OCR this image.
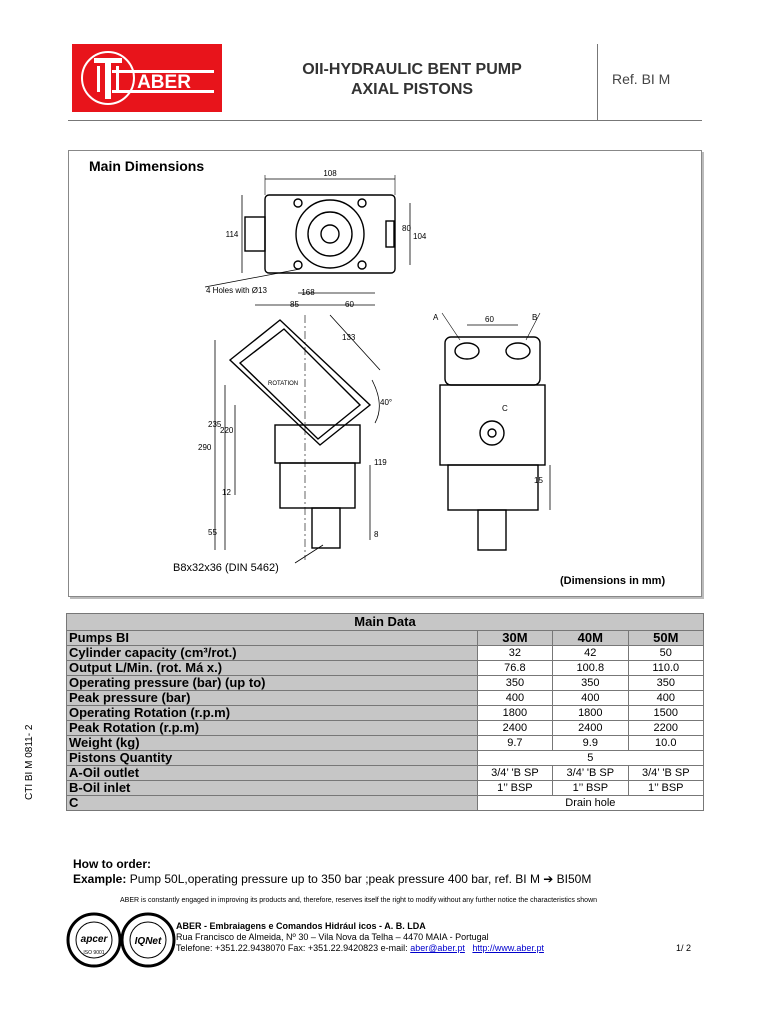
ABER
OII-HYDRAULIC BENT PUMP
AXIAL PISTONS
Ref. BI M
Main Dimensions	108
114
80
104
4 Holes with Ø13	168
85	60
133
40°
ROTATION
290
235
220
12
55
119
8
60
A	B
C
15
B8x32x36 (DIN 5462)
(Dimensions in mm)
Main Data			
Pumps BI	30M	40M	50M
Cylinder capacity (cm³/rot.)	32	42	50
Output L/Min. (rot. Má x.)	76.8	100.8	110.0
Operating pressure (bar) (up to)	350	350	350
Peak pressure (bar)	400	400	400
Operating Rotation (r.p.m)	1800	1800	1500
Peak Rotation (r.p.m)	2400	2400	2200
Weight (kg)	9.7	9.9	10.0
Pistons Quantity	5		
A-Oil outlet	3/4’ 'B SP	3/4’ 'B SP	3/4’ 'B SP
B-Oil inlet	1’’ BSP	1’’ BSP	1’’ BSP
C	Drain hole		
CTI BI M 0811- 2
How to order:
Example: Pump 50L,operating pressure up to 350 bar ;peak pressure 400 bar, ref. BI M ➔ BI50M
ABER is constantly engaged in improving its products and, therefore, reserves itself the right to modify without any further notice the characteristics shown
apcer
ISO 9001
IQNet
ABER - Embraiagens e Comandos Hidrául icos - A. B. LDA
Rua Francisco de Almeida, Nº 30 – Vila Nova da Telha – 4470 MAIA - Portugal
Telefone: +351.22.9438070 Fax: +351.22.9420823 e-mail: aber@aber.pt http://www.aber.pt	1/ 2
